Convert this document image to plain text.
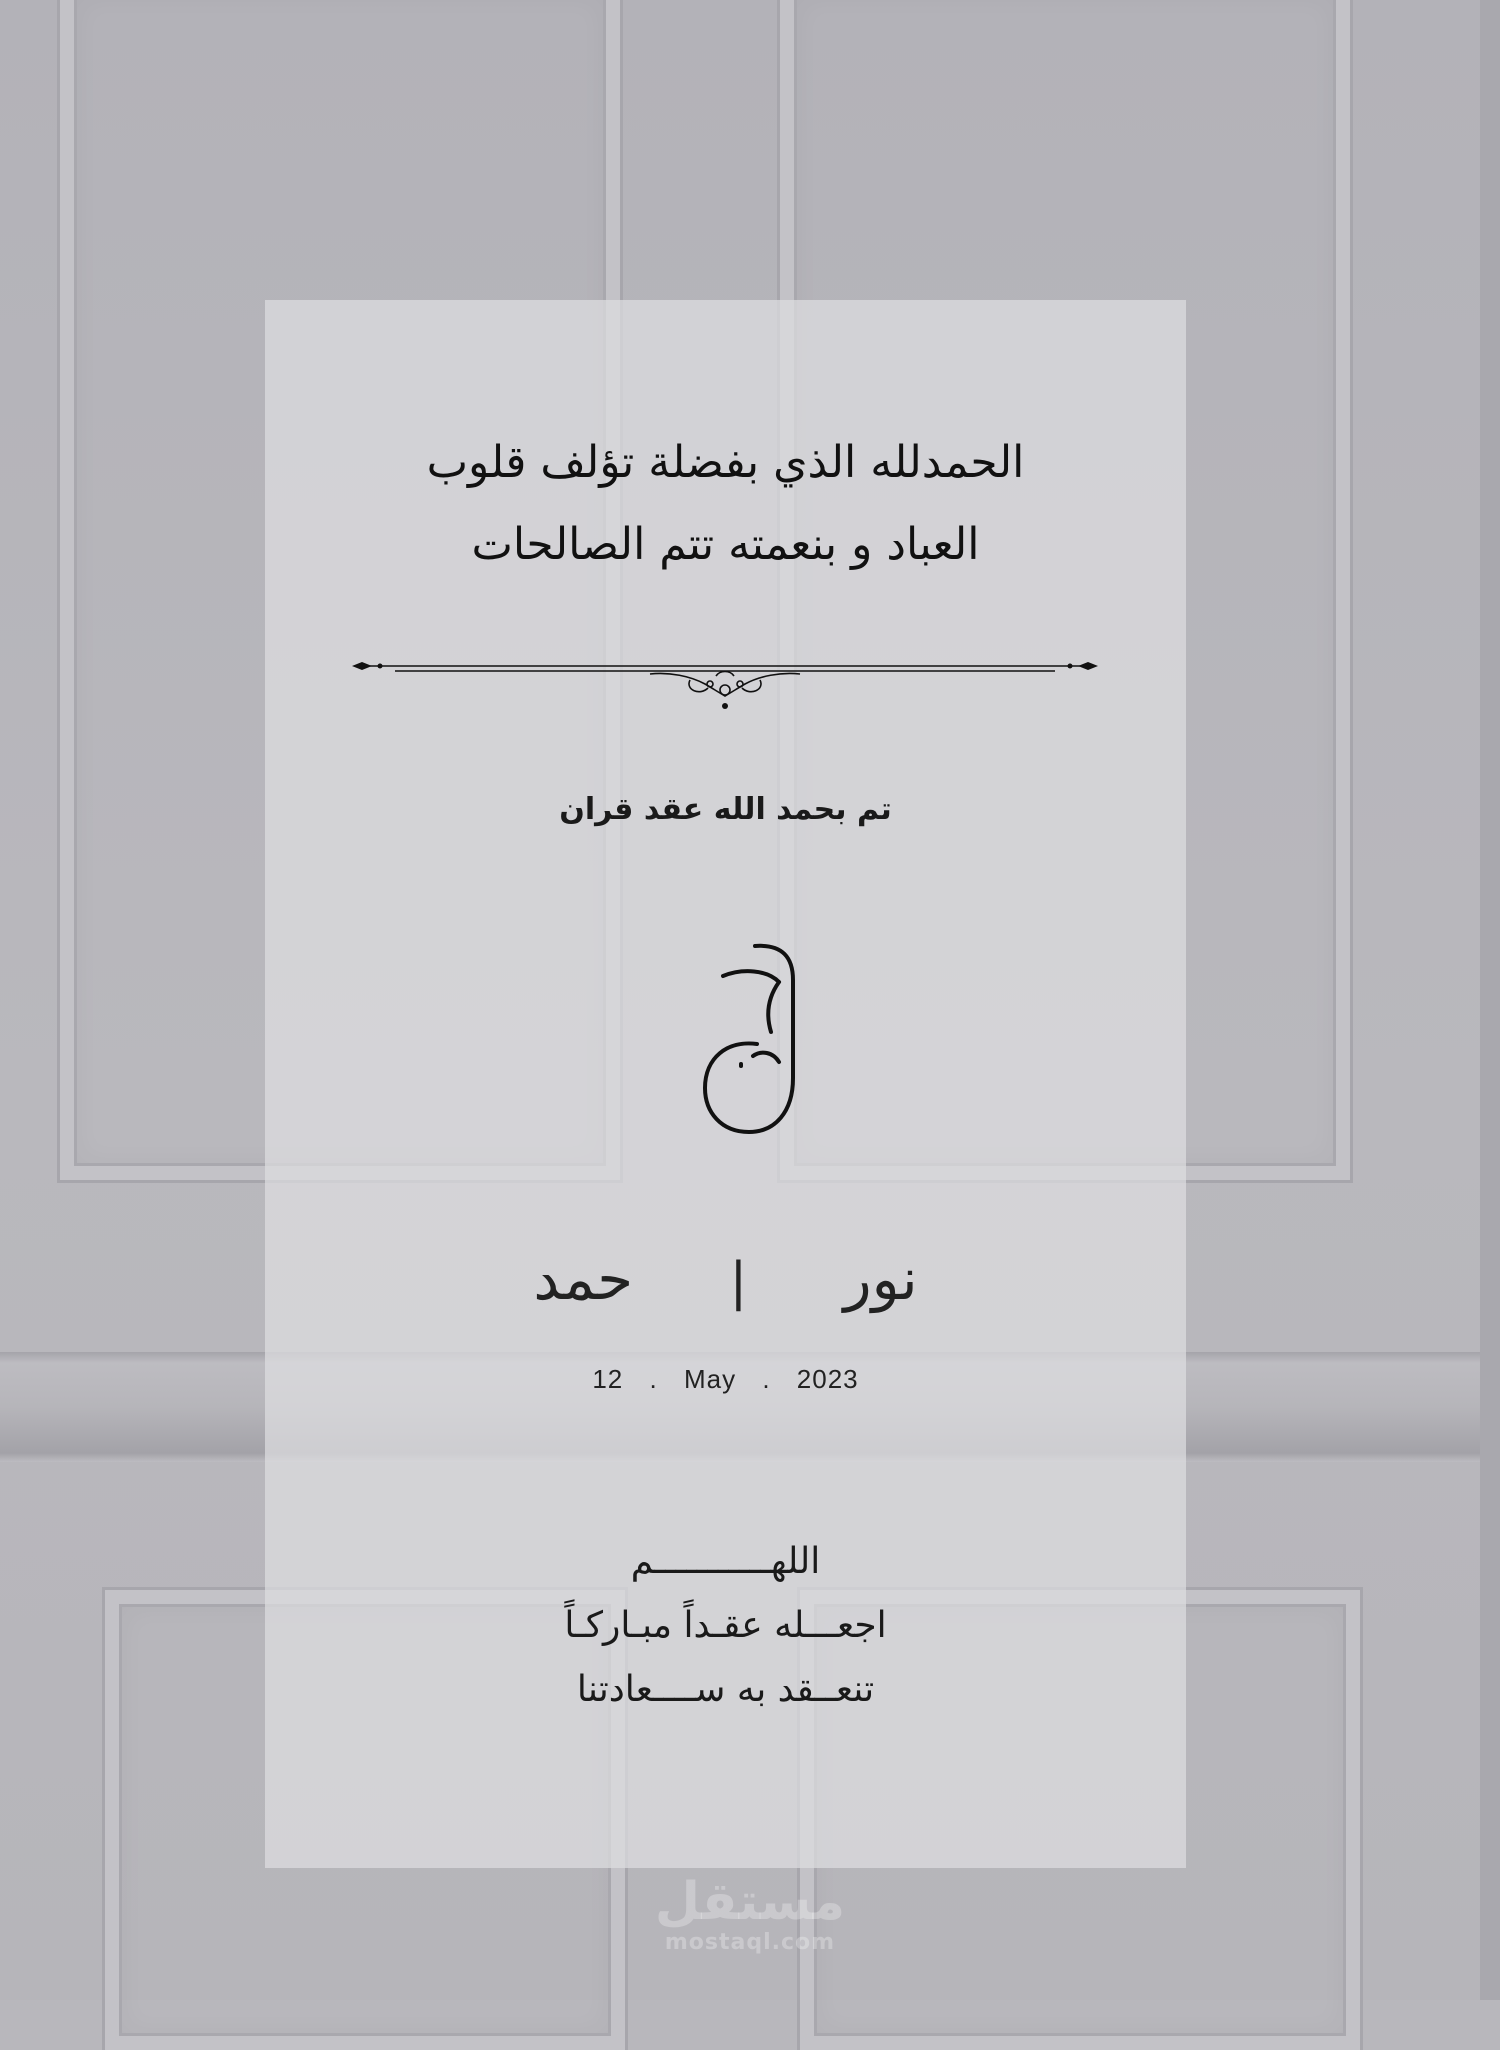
الحمدلله الذي بفضلة تؤلف قلوب
العباد و بنعمته تتم الصالحات
تم بحمد الله عقد قران
نور | حمد
12 . May . 2023
اللهـــــــــــم
اجعـــله عقـداً مبـاركـاً
تنعــقد به ســــعادتنا
مستقل
mostaql.com
